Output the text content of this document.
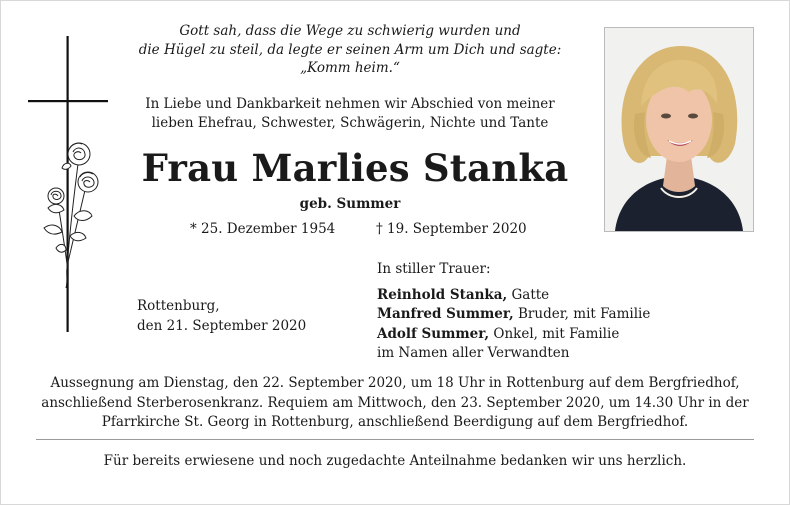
Gott sah, dass die Wege zu schwierig wurden und
die Hügel zu steil, da legte er seinen Arm um Dich und sagte:
„Komm heim.“
In Liebe und Dankbarkeit nehmen wir Abschied von meiner
lieben Ehefrau, Schwester, Schwägerin, Nichte und Tante
Frau Marlies Stanka
geb. Summer
* 25. Dezember 1954	† 19. September 2020
Rottenburg,
den 21. September 2020
In stiller Trauer:
Reinhold Stanka, Gatte
Manfred Summer, Bruder, mit Familie
Adolf Summer, Onkel, mit Familie
im Namen aller Verwandten
Aussegnung am Dienstag, den 22. September 2020, um 18 Uhr in Rottenburg auf dem Bergfriedhof,
anschließend Sterberosenkranz. Requiem am Mittwoch, den 23. September 2020, um 14.30 Uhr in der
Pfarrkirche St. Georg in Rottenburg, anschließend Beerdigung auf dem Bergfriedhof.
Für bereits erwiesene und noch zugedachte Anteilnahme bedanken wir uns herzlich.
